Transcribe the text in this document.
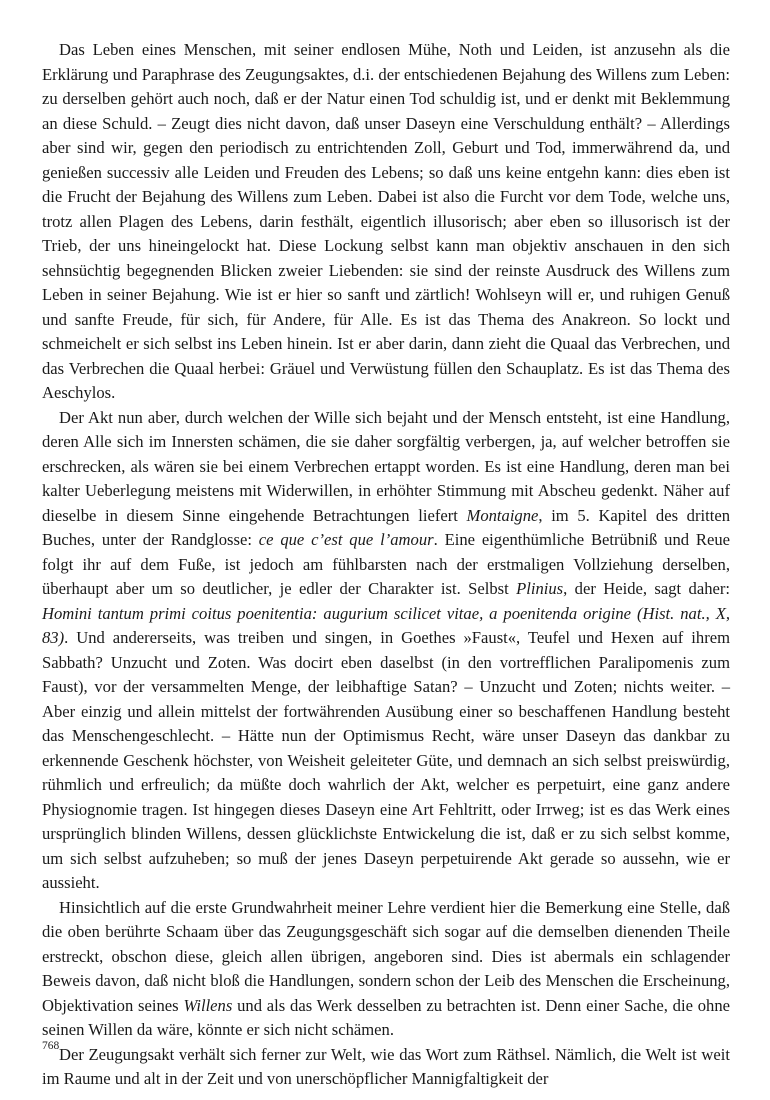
Das Leben eines Menschen, mit seiner endlosen Mühe, Noth und Leiden, ist anzusehn als die Erklärung und Paraphrase des Zeugungsaktes, d.i. der entschiedenen Bejahung des Willens zum Leben: zu derselben gehört auch noch, daß er der Natur einen Tod schuldig ist, und er denkt mit Beklemmung an diese Schuld. – Zeugt dies nicht davon, daß unser Daseyn eine Verschuldung enthält? – Allerdings aber sind wir, gegen den periodisch zu entrichtenden Zoll, Geburt und Tod, immerwährend da, und genießen successiv alle Leiden und Freuden des Lebens; so daß uns keine entgehn kann: dies eben ist die Frucht der Bejahung des Willens zum Leben. Dabei ist also die Furcht vor dem Tode, welche uns, trotz allen Plagen des Lebens, darin festhält, eigentlich illusorisch; aber eben so illusorisch ist der Trieb, der uns hineingelockt hat. Diese Lockung selbst kann man objektiv anschauen in den sich sehnsüchtig begegnenden Blicken zweier Liebenden: sie sind der reinste Ausdruck des Willens zum Leben in seiner Bejahung. Wie ist er hier so sanft und zärtlich! Wohlseyn will er, und ruhigen Genuß und sanfte Freude, für sich, für Andere, für Alle. Es ist das Thema des Anakreon. So lockt und schmeichelt er sich selbst ins Leben hinein. Ist er aber darin, dann zieht die Quaal das Verbrechen, und das Verbrechen die Quaal herbei: Gräuel und Verwüstung füllen den Schauplatz. Es ist das Thema des Aeschylos.

Der Akt nun aber, durch welchen der Wille sich bejaht und der Mensch entsteht, ist eine Handlung, deren Alle sich im Innersten schämen, die sie daher sorgfältig verbergen, ja, auf welcher betroffen sie erschrecken, als wären sie bei einem Verbrechen ertappt worden. Es ist eine Handlung, deren man bei kalter Ueberlegung meistens mit Widerwillen, in erhöhter Stimmung mit Abscheu gedenkt. Näher auf dieselbe in diesem Sinne eingehende Betrachtungen liefert Montaigne, im 5. Kapitel des dritten Buches, unter der Randglosse: ce que c’est que l’amour. Eine eigenthümliche Betrübniß und Reue folgt ihr auf dem Fuße, ist jedoch am fühlbarsten nach der erstmaligen Vollziehung derselben, überhaupt aber um so deutlicher, je edler der Charakter ist. Selbst Plinius, der Heide, sagt daher: Homini tantum primi coitus poenitentia: augurium scilicet vitae, a poenitenda origine (Hist. nat., X, 83). Und andererseits, was treiben und singen, in Goethes »Faust«, Teufel und Hexen auf ihrem Sabbath? Unzucht und Zoten. Was docirt eben daselbst (in den vortrefflichen Paralipomenis zum Faust), vor der versammelten Menge, der leibhaftige Satan? – Unzucht und Zoten; nichts weiter. – Aber einzig und allein mittelst der fortwährenden Ausübung einer so beschaffenen Handlung besteht das Menschengeschlecht. – Hätte nun der Optimismus Recht, wäre unser Daseyn das dankbar zu erkennende Geschenk höchster, von Weisheit geleiteter Güte, und demnach an sich selbst preiswürdig, rühmlich und erfreulich; da müßte doch wahrlich der Akt, welcher es perpetuirt, eine ganz andere Physiognomie tragen. Ist hingegen dieses Daseyn eine Art Fehltritt, oder Irrweg; ist es das Werk eines ursprünglich blinden Willens, dessen glücklichste Entwickelung die ist, daß er zu sich selbst komme, um sich selbst aufzuheben; so muß der jenes Daseyn perpetuirende Akt gerade so aussehn, wie er aussieht.

Hinsichtlich auf die erste Grundwahrheit meiner Lehre verdient hier die Bemerkung eine Stelle, daß die oben berührte Schaam über das Zeugungsgeschäft sich sogar auf die demselben dienenden Theile erstreckt, obschon diese, gleich allen übrigen, angeboren sind. Dies ist abermals ein schlagender Beweis davon, daß nicht bloß die Handlungen, sondern schon der Leib des Menschen die Erscheinung, Objektivation seines Willens und als das Werk desselben zu betrachten ist. Denn einer Sache, die ohne seinen Willen da wäre, könnte er sich nicht schämen.

Der Zeugungsakt verhält sich ferner zur Welt, wie das Wort zum Räthsel. Nämlich, die Welt ist weit im Raume und alt in der Zeit und von unerschöpflicher Mannigfaltigkeit der

768
